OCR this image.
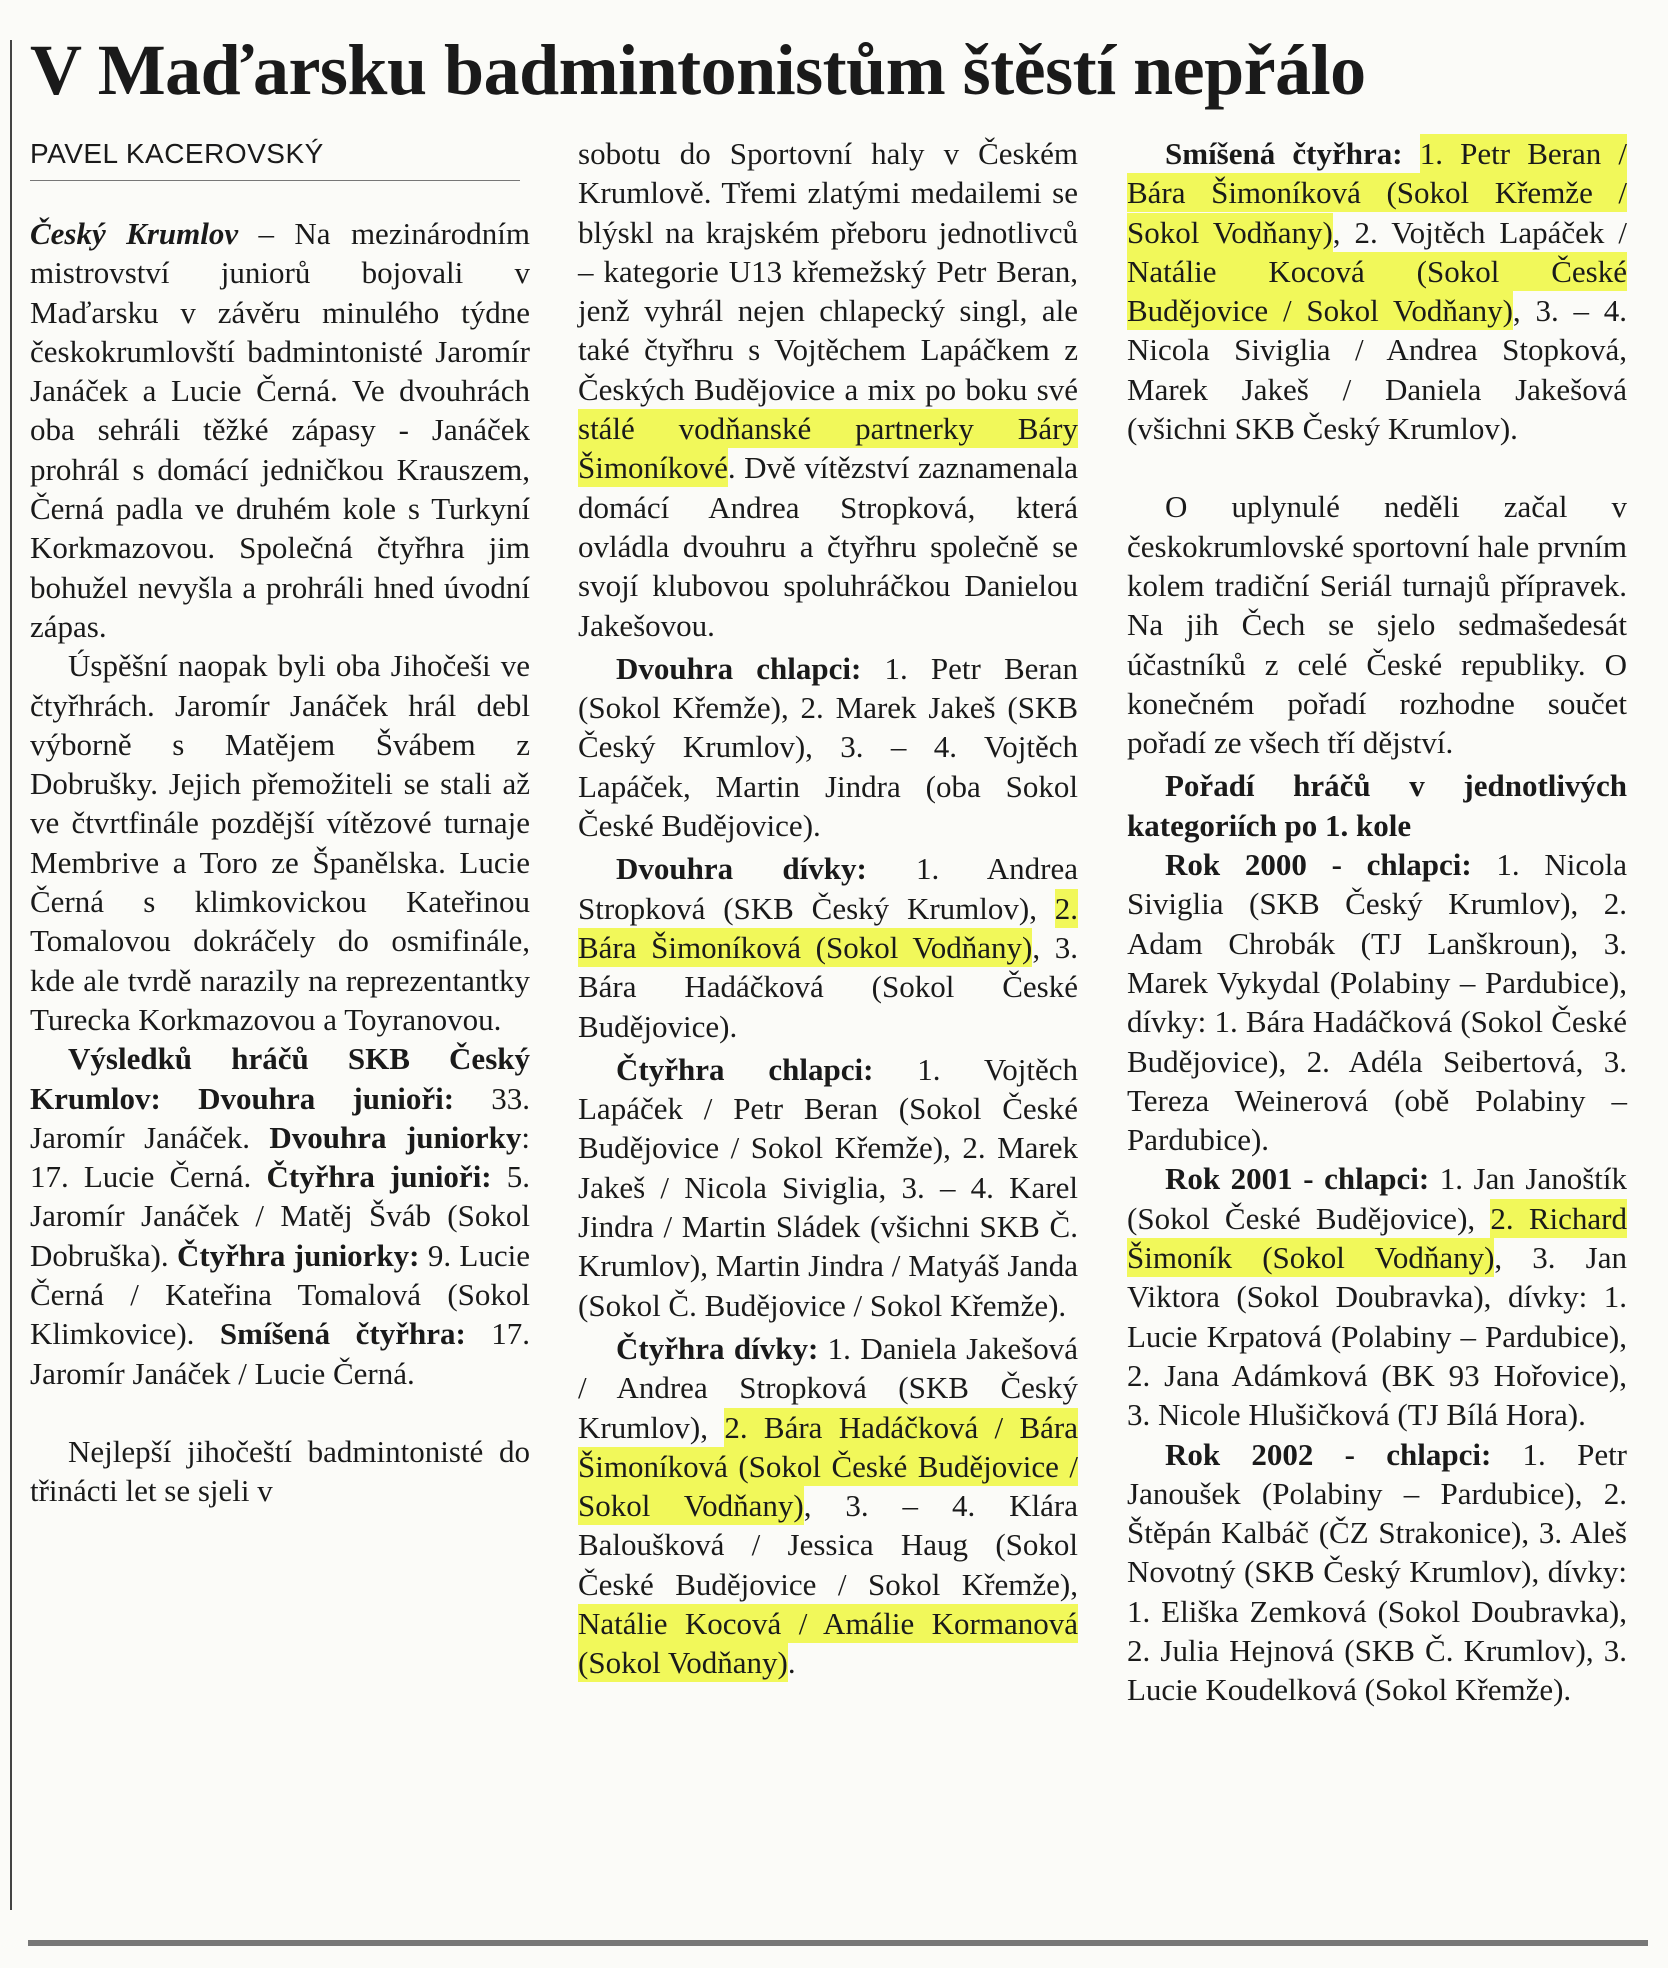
V Maďarsku badmintonistům štěstí nepřálo
PAVEL KACEROVSKÝ

Český Krumlov – Na mezinárodním mistrovství juniorů bojovali v Maďarsku v závěru minulého týdne českokrumlovští badmintonisté Jaromír Janáček a Lucie Černá. Ve dvouhrách oba sehráli těžké zápasy - Janáček prohrál s domácí jedničkou Krauszem, Černá padla ve druhém kole s Turkyní Korkmazovou. Společná čtyřhra jim bohužel nevyšla a prohráli hned úvodní zápas.

Úspěšní naopak byli oba Jihočeši ve čtyřhrách. Jaromír Janáček hrál debl výborně s Matějem Švábem z Dobrušky. Jejich přemožiteli se stali až ve čtvrtfinále pozdější vítězové turnaje Membrive a Toro ze Španělska. Lucie Černá s klimkovickou Kateřinou Tomalovou dokráčely do osmifinále, kde ale tvrdě narazily na reprezentantky Turecka Korkmazovou a Toyranovou.

Výsledků hráčů SKB Český Krumlov: Dvouhra junioři: 33. Jaromír Janáček. Dvouhra juniorky: 17. Lucie Černá. Čtyřhra junioři: 5. Jaromír Janáček / Matěj Šváb (Sokol Dobruška). Čtyřhra juniorky: 9. Lucie Černá / Kateřina Tomalová (Sokol Klimkovice). Smíšená čtyřhra: 17. Jaromír Janáček / Lucie Černá.

Nejlepší jihočeští badmintonisté do třinácti let se sjeli v

sobotu do Sportovní haly v Českém Krumlově. Třemi zlatými medailemi se blýskl na krajském přeboru jednotlivců – kategorie U13 křemežský Petr Beran, jenž vyhrál nejen chlapecký singl, ale také čtyřhru s Vojtěchem Lapáčkem z Českých Budějovice a mix po boku své stálé vodňanské partnerky Báry Šimoníkové. Dvě vítězství zaznamenala domácí Andrea Stropková, která ovládla dvouhru a čtyřhru společně se svojí klubovou spoluhráčkou Danielou Jakešovou.

Dvouhra chlapci: 1. Petr Beran (Sokol Křemže), 2. Marek Jakeš (SKB Český Krumlov), 3. – 4. Vojtěch Lapáček, Martin Jindra (oba Sokol České Budějovice).

Dvouhra dívky: 1. Andrea Stropková (SKB Český Krumlov), 2. Bára Šimoníková (Sokol Vodňany), 3. Bára Hadáčková (Sokol České Budějovice).

Čtyřhra chlapci: 1. Vojtěch Lapáček / Petr Beran (Sokol České Budějovice / Sokol Křemže), 2. Marek Jakeš / Nicola Siviglia, 3. – 4. Karel Jindra / Martin Sládek (všichni SKB Č. Krumlov), Martin Jindra / Matyáš Janda (Sokol Č. Budějovice / Sokol Křemže).

Čtyřhra dívky: 1. Daniela Jakešová / Andrea Stropková (SKB Český Krumlov), 2. Bára Hadáčková / Bára Šimoníková (Sokol České Budějovice / Sokol Vodňany), 3. – 4. Klára Baloušková / Jessica Haug (Sokol České Budějovice / Sokol Křemže), Natálie Kocová / Amálie Kormanová (Sokol Vodňany).

Smíšená čtyřhra: 1. Petr Beran / Bára Šimoníková (Sokol Křemže / Sokol Vodňany), 2. Vojtěch Lapáček / Natálie Kocová (Sokol České Budějovice / Sokol Vodňany), 3. – 4. Nicola Siviglia / Andrea Stopková, Marek Jakeš / Daniela Jakešová (všichni SKB Český Krumlov).

O uplynulé neděli začal v českokrumlovské sportovní hale prvním kolem tradiční Seriál turnajů přípravek. Na jih Čech se sjelo sedmašedesát účastníků z celé České republiky. O konečném pořadí rozhodne součet pořadí ze všech tří dějství.

Pořadí hráčů v jednotlivých kategoriích po 1. kole

Rok 2000 - chlapci: 1. Nicola Siviglia (SKB Český Krumlov), 2. Adam Chrobák (TJ Lanškroun), 3. Marek Vykydal (Polabiny – Pardubice), dívky: 1. Bára Hadáčková (Sokol České Budějovice), 2. Adéla Seibertová, 3. Tereza Weinerová (obě Polabiny – Pardubice).

Rok 2001 - chlapci: 1. Jan Janoštík (Sokol České Budějovice), 2. Richard Šimoník (Sokol Vodňany), 3. Jan Viktora (Sokol Doubravka), dívky: 1. Lucie Krpatová (Polabiny – Pardubice), 2. Jana Adámková (BK 93 Hořovice), 3. Nicole Hlušičková (TJ Bílá Hora).

Rok 2002 - chlapci: 1. Petr Janoušek (Polabiny – Pardubice), 2. Štěpán Kalbáč (ČZ Strakonice), 3. Aleš Novotný (SKB Český Krumlov), dívky: 1. Eliška Zemková (Sokol Doubravka), 2. Julia Hejnová (SKB Č. Krumlov), 3. Lucie Koudelková (Sokol Křemže).
